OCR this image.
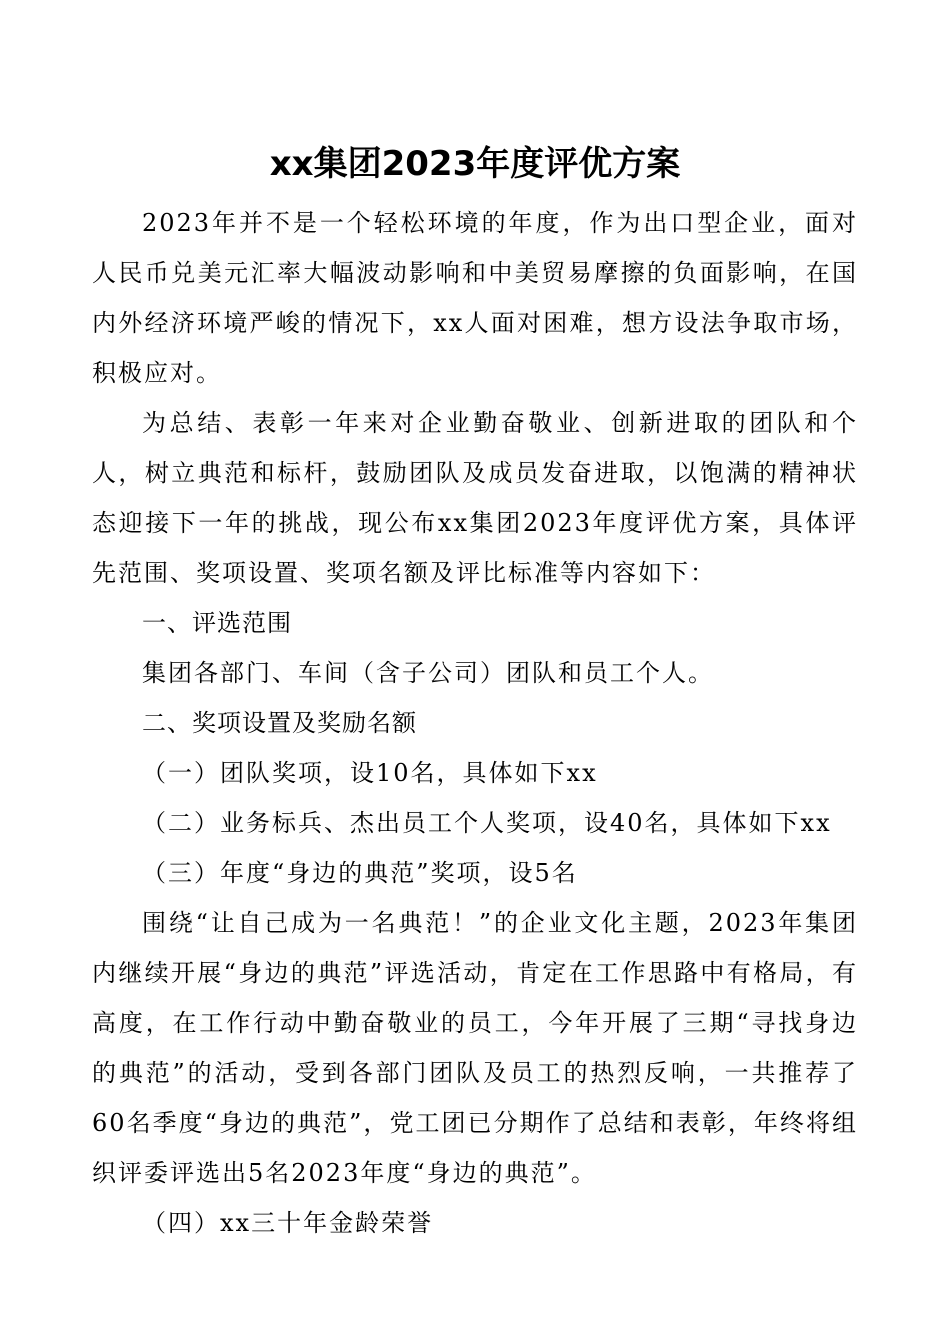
xx集团2023年度评优方案

2023年并不是一个轻松环境的年度，作为出口型企业，面对人民币兑美元汇率大幅波动影响和中美贸易摩擦的负面影响，在国内外经济环境严峻的情况下，xx人面对困难，想方设法争取市场，积极应对。

为总结、表彰一年来对企业勤奋敬业、创新进取的团队和个人，树立典范和标杆，鼓励团队及成员发奋进取，以饱满的精神状态迎接下一年的挑战，现公布xx集团2023年度评优方案，具体评先范围、奖项设置、奖项名额及评比标准等内容如下：

一、评选范围

集团各部门、车间（含子公司）团队和员工个人。

二、奖项设置及奖励名额

（一）团队奖项，设10名，具体如下xx

（二）业务标兵、杰出员工个人奖项，设40名，具体如下xx

（三）年度“身边的典范”奖项，设5名

围绕“让自己成为一名典范！”的企业文化主题，2023年集团内继续开展“身边的典范”评选活动，肯定在工作思路中有格局，有高度，在工作行动中勤奋敬业的员工，今年开展了三期“寻找身边的典范”的活动，受到各部门团队及员工的热烈反响，一共推荐了60名季度“身边的典范”，党工团已分期作了总结和表彰，年终将组织评委评选出5名2023年度“身边的典范”。

（四）xx三十年金龄荣誉
